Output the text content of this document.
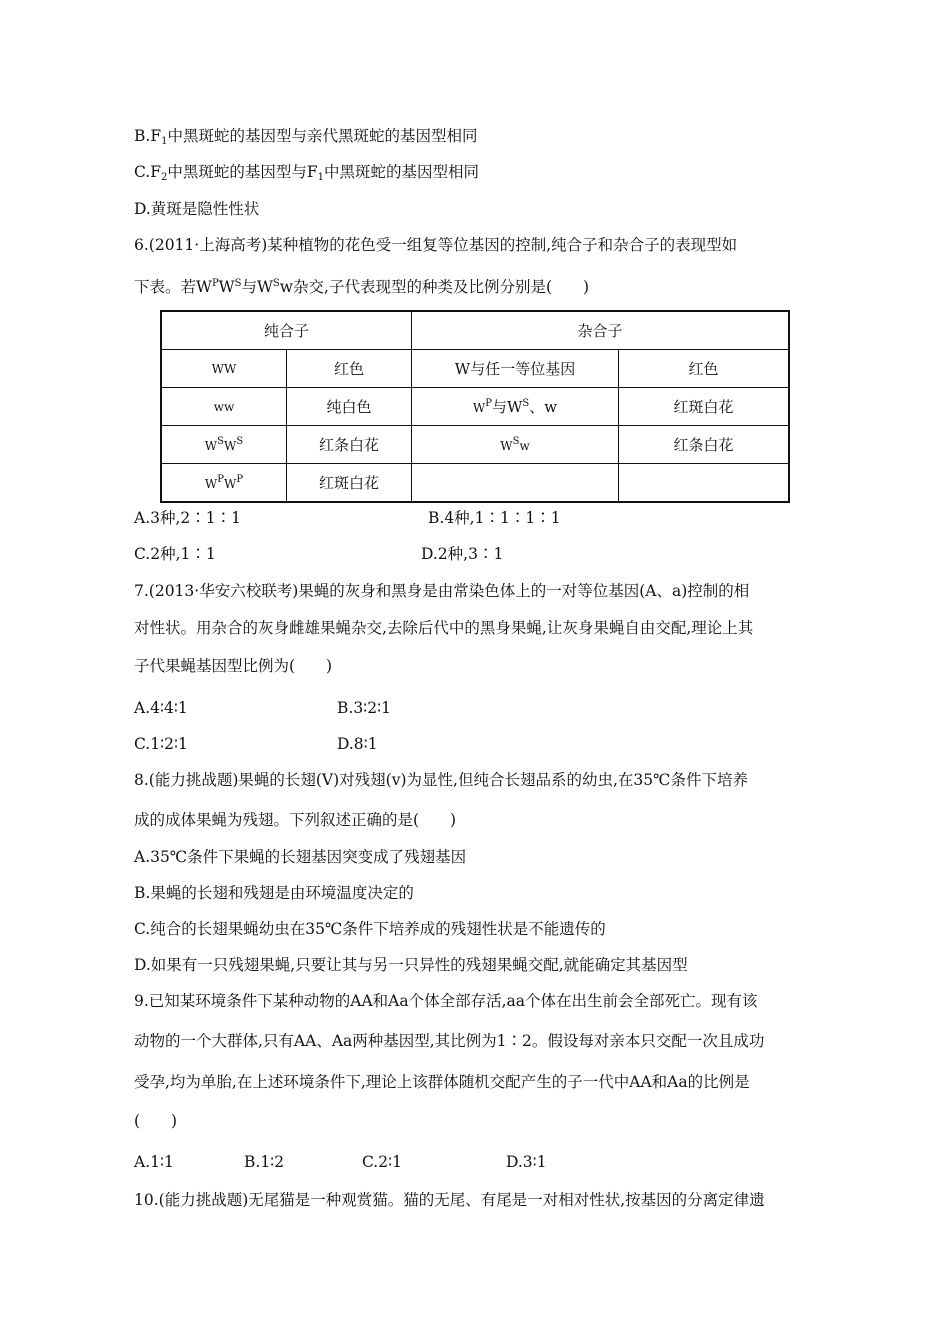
$B.F_1$中黑斑蛇的基因型与亲代黑斑蛇的基因型相同
$C.F_2$中黑斑蛇的基因型与$F_1$中黑斑蛇的基因型相同
D.黄斑是隐性性状
6.(2011·上海高考)某种植物的花色受一组复等位基因的控制,纯合子和杂合子的表现型如
下表。若$W^PW^S$与$W^Sw$杂交,子代表现型的种类及比例分别是(　　)
纯合子		杂合子	
WW	红色	W与任一等位基因	红色
ww	纯白色	$W^P$与$W^S$、w	红斑白花
$W^SW^S$	红条白花	$W^Sw$	红条白花
$W^PW^P$	红斑白花		
A.3种,2∶1∶1	B.4种,1∶1∶1∶1
C.2种,1∶1	D.2种,3∶1
7.(2013·华安六校联考)果蝇的灰身和黑身是由常染色体上的一对等位基因(A、a)控制的相
对性状。用杂合的灰身雌雄果蝇杂交,去除后代中的黑身果蝇,让灰身果蝇自由交配,理论上其
子代果蝇基因型比例为(　　)
A.4∶4∶1	B.3∶2∶1
C.1∶2∶1	D.8∶1
8.(能力挑战题)果蝇的长翅(V)对残翅(v)为显性,但纯合长翅品系的幼虫,在35℃条件下培养
成的成体果蝇为残翅。下列叙述正确的是(　　)
A.35℃条件下果蝇的长翅基因突变成了残翅基因
B.果蝇的长翅和残翅是由环境温度决定的
C.纯合的长翅果蝇幼虫在35℃条件下培养成的残翅性状是不能遗传的
D.如果有一只残翅果蝇,只要让其与另一只异性的残翅果蝇交配,就能确定其基因型
9.已知某环境条件下某种动物的AA和Aa个体全部存活,aa个体在出生前会全部死亡。现有该
动物的一个大群体,只有AA、Aa两种基因型,其比例为1∶2。假设每对亲本只交配一次且成功
受孕,均为单胎,在上述环境条件下,理论上该群体随机交配产生的子一代中AA和Aa的比例是
(　　)
A.1∶1	B.1∶2	C.2∶1	D.3∶1
10.(能力挑战题)无尾猫是一种观赏猫。猫的无尾、有尾是一对相对性状,按基因的分离定律遗
